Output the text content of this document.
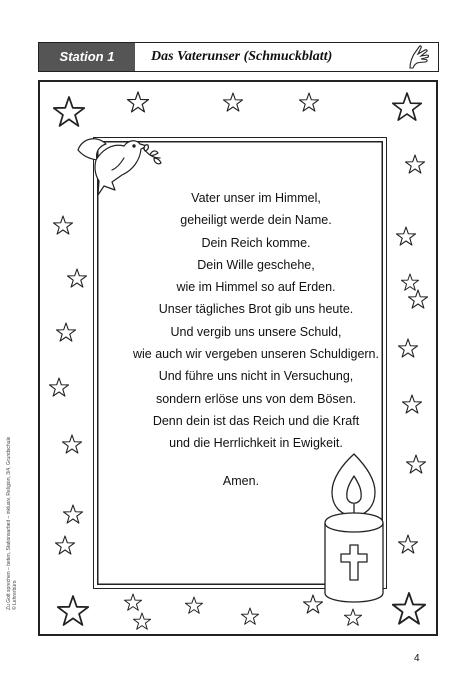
Station 1	Das Vaterunser (Schmuckblatt)
Vater unser im Himmel,
geheiligt werde dein Name.
Dein Reich komme.
Dein Wille geschehe,
wie im Himmel so auf Erden.
Unser tägliches Brot gib uns heute.
Und vergib uns unsere Schuld,
wie auch wir vergeben unseren Schuldigern.
Und führe uns nicht in Versuchung,
sondern erlöse uns von dem Bösen.
Denn dein ist das Reich und die Kraft
und die Herrlichkeit in Ewigkeit.
Amen.
Zu Gott sprechen – beten, Stationsarbeit – inklusiv, Religion, 3/4, Grundschule © Lehrerbüro
4
